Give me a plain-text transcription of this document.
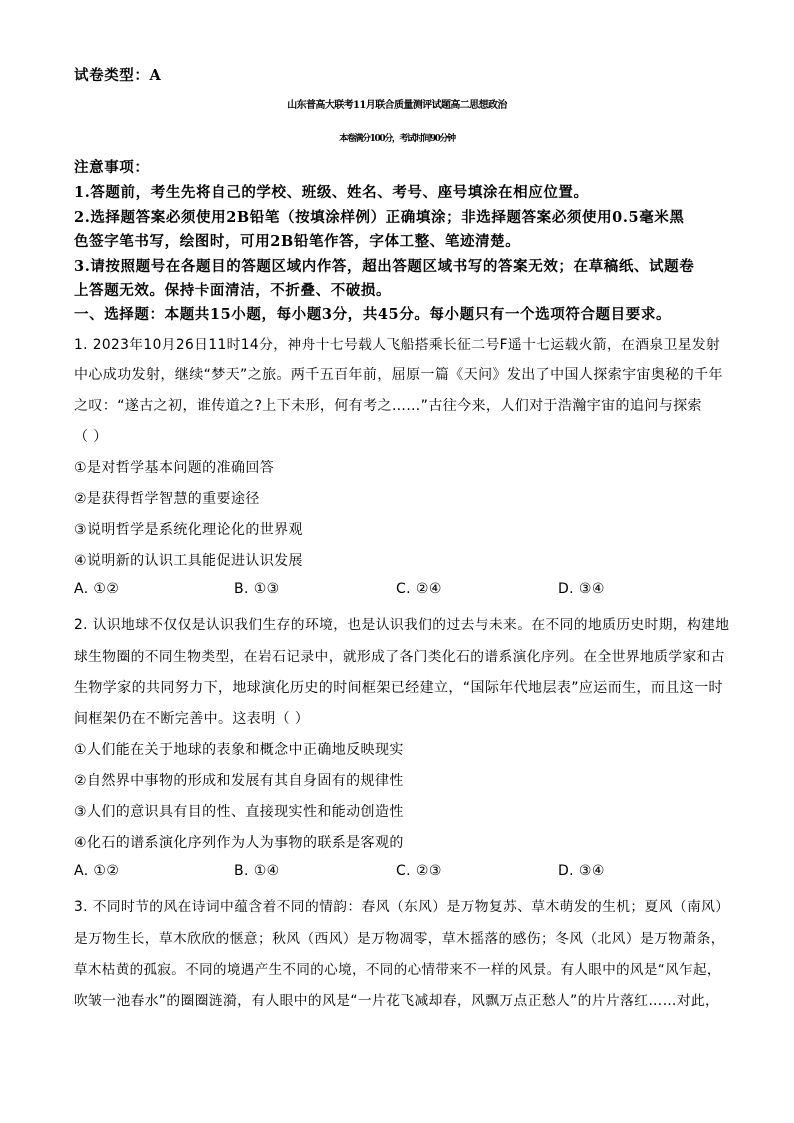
试卷类型：A
山东普高大联考11月联合质量测评试题高二思想政治
本卷满分100分，考试时间90分钟
注意事项：
1.答题前，考生先将自己的学校、班级、姓名、考号、座号填涂在相应位置。
2.选择题答案必须使用2B铅笔（按填涂样例）正确填涂；非选择题答案必须使用0.5毫米黑
色签字笔书写，绘图时，可用2B铅笔作答，字体工整、笔迹清楚。
3.请按照题号在各题目的答题区域内作答，超出答题区域书写的答案无效；在草稿纸、试题卷
上答题无效。保持卡面清洁，不折叠、不破损。
一、选择题：本题共15小题，每小题3分，共45分。每小题只有一个选项符合题目要求。
1. 2023年10月26日11时14分，神舟十七号载人飞船搭乘长征二号F遥十七运载火箭，在酒泉卫星发射
中心成功发射，继续“梦天”之旅。两千五百年前，屈原一篇《天问》发出了中国人探索宇宙奥秘的千年
之叹：“遂古之初，谁传道之?上下未形，何有考之……”古往今来，人们对于浩瀚宇宙的追问与探索
（ ）
①是对哲学基本问题的准确回答
②是获得哲学智慧的重要途径
③说明哲学是系统化理论化的世界观
④说明新的认识工具能促进认识发展
A. ①②	B. ①③	C. ②④	D. ③④
2. 认识地球不仅仅是认识我们生存的环境，也是认识我们的过去与未来。在不同的地质历史时期，构建地
球生物圈的不同生物类型，在岩石记录中，就形成了各门类化石的谱系演化序列。在全世界地质学家和古
生物学家的共同努力下，地球演化历史的时间框架已经建立，“国际年代地层表”应运而生，而且这一时
间框架仍在不断完善中。这表明（ ）
①人们能在关于地球的表象和概念中正确地反映现实
②自然界中事物的形成和发展有其自身固有的规律性
③人们的意识具有目的性、直接现实性和能动创造性
④化石的谱系演化序列作为人为事物的联系是客观的
A. ①②	B. ①④	C. ②③	D. ③④
3. 不同时节的风在诗词中蕴含着不同的情韵：春风（东风）是万物复苏、草木萌发的生机；夏风（南风）
是万物生长，草木欣欣的惬意；秋风（西风）是万物凋零，草木摇落的感伤；冬风（北风）是万物萧条，
草木枯黄的孤寂。不同的境遇产生不同的心境，不同的心情带来不一样的风景。有人眼中的风是“风乍起，
吹皱一池春水”的圈圈涟漪，有人眼中的风是“一片花飞减却春，风飘万点正愁人”的片片落红……对此，
